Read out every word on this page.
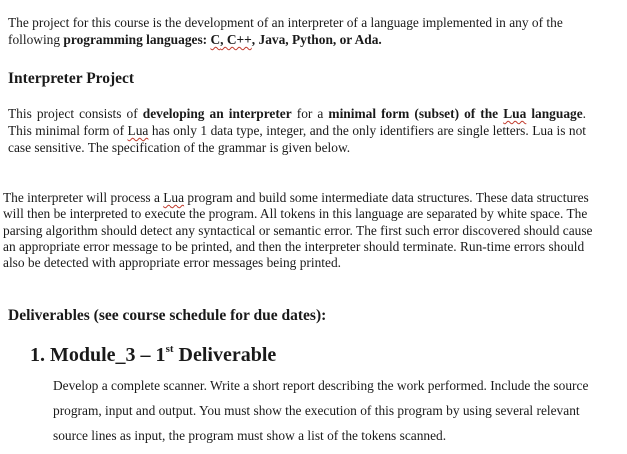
The project for this course is the development of an interpreter of a language implemented in any of the following programming languages: C, C++, Java, Python, or Ada.

Interpreter Project

This project consists of developing an interpreter for a minimal form (subset) of the Lua language. This minimal form of Lua has only 1 data type, integer, and the only identifiers are single letters. Lua is not case sensitive. The specification of the grammar is given below.

The interpreter will process a Lua program and build some intermediate data structures. These data structures will then be interpreted to execute the program. All tokens in this language are separated by white space. The parsing algorithm should detect any syntactical or semantic error. The first such error discovered should cause an appropriate error message to be printed, and then the interpreter should terminate. Run-time errors should also be detected with appropriate error messages being printed.

Deliverables (see course schedule for due dates):
1. Module_3 – 1st Deliverable

Develop a complete scanner. Write a short report describing the work performed. Include the source program, input and output. You must show the execution of this program by using several relevant source lines as input, the program must show a list of the tokens scanned.
